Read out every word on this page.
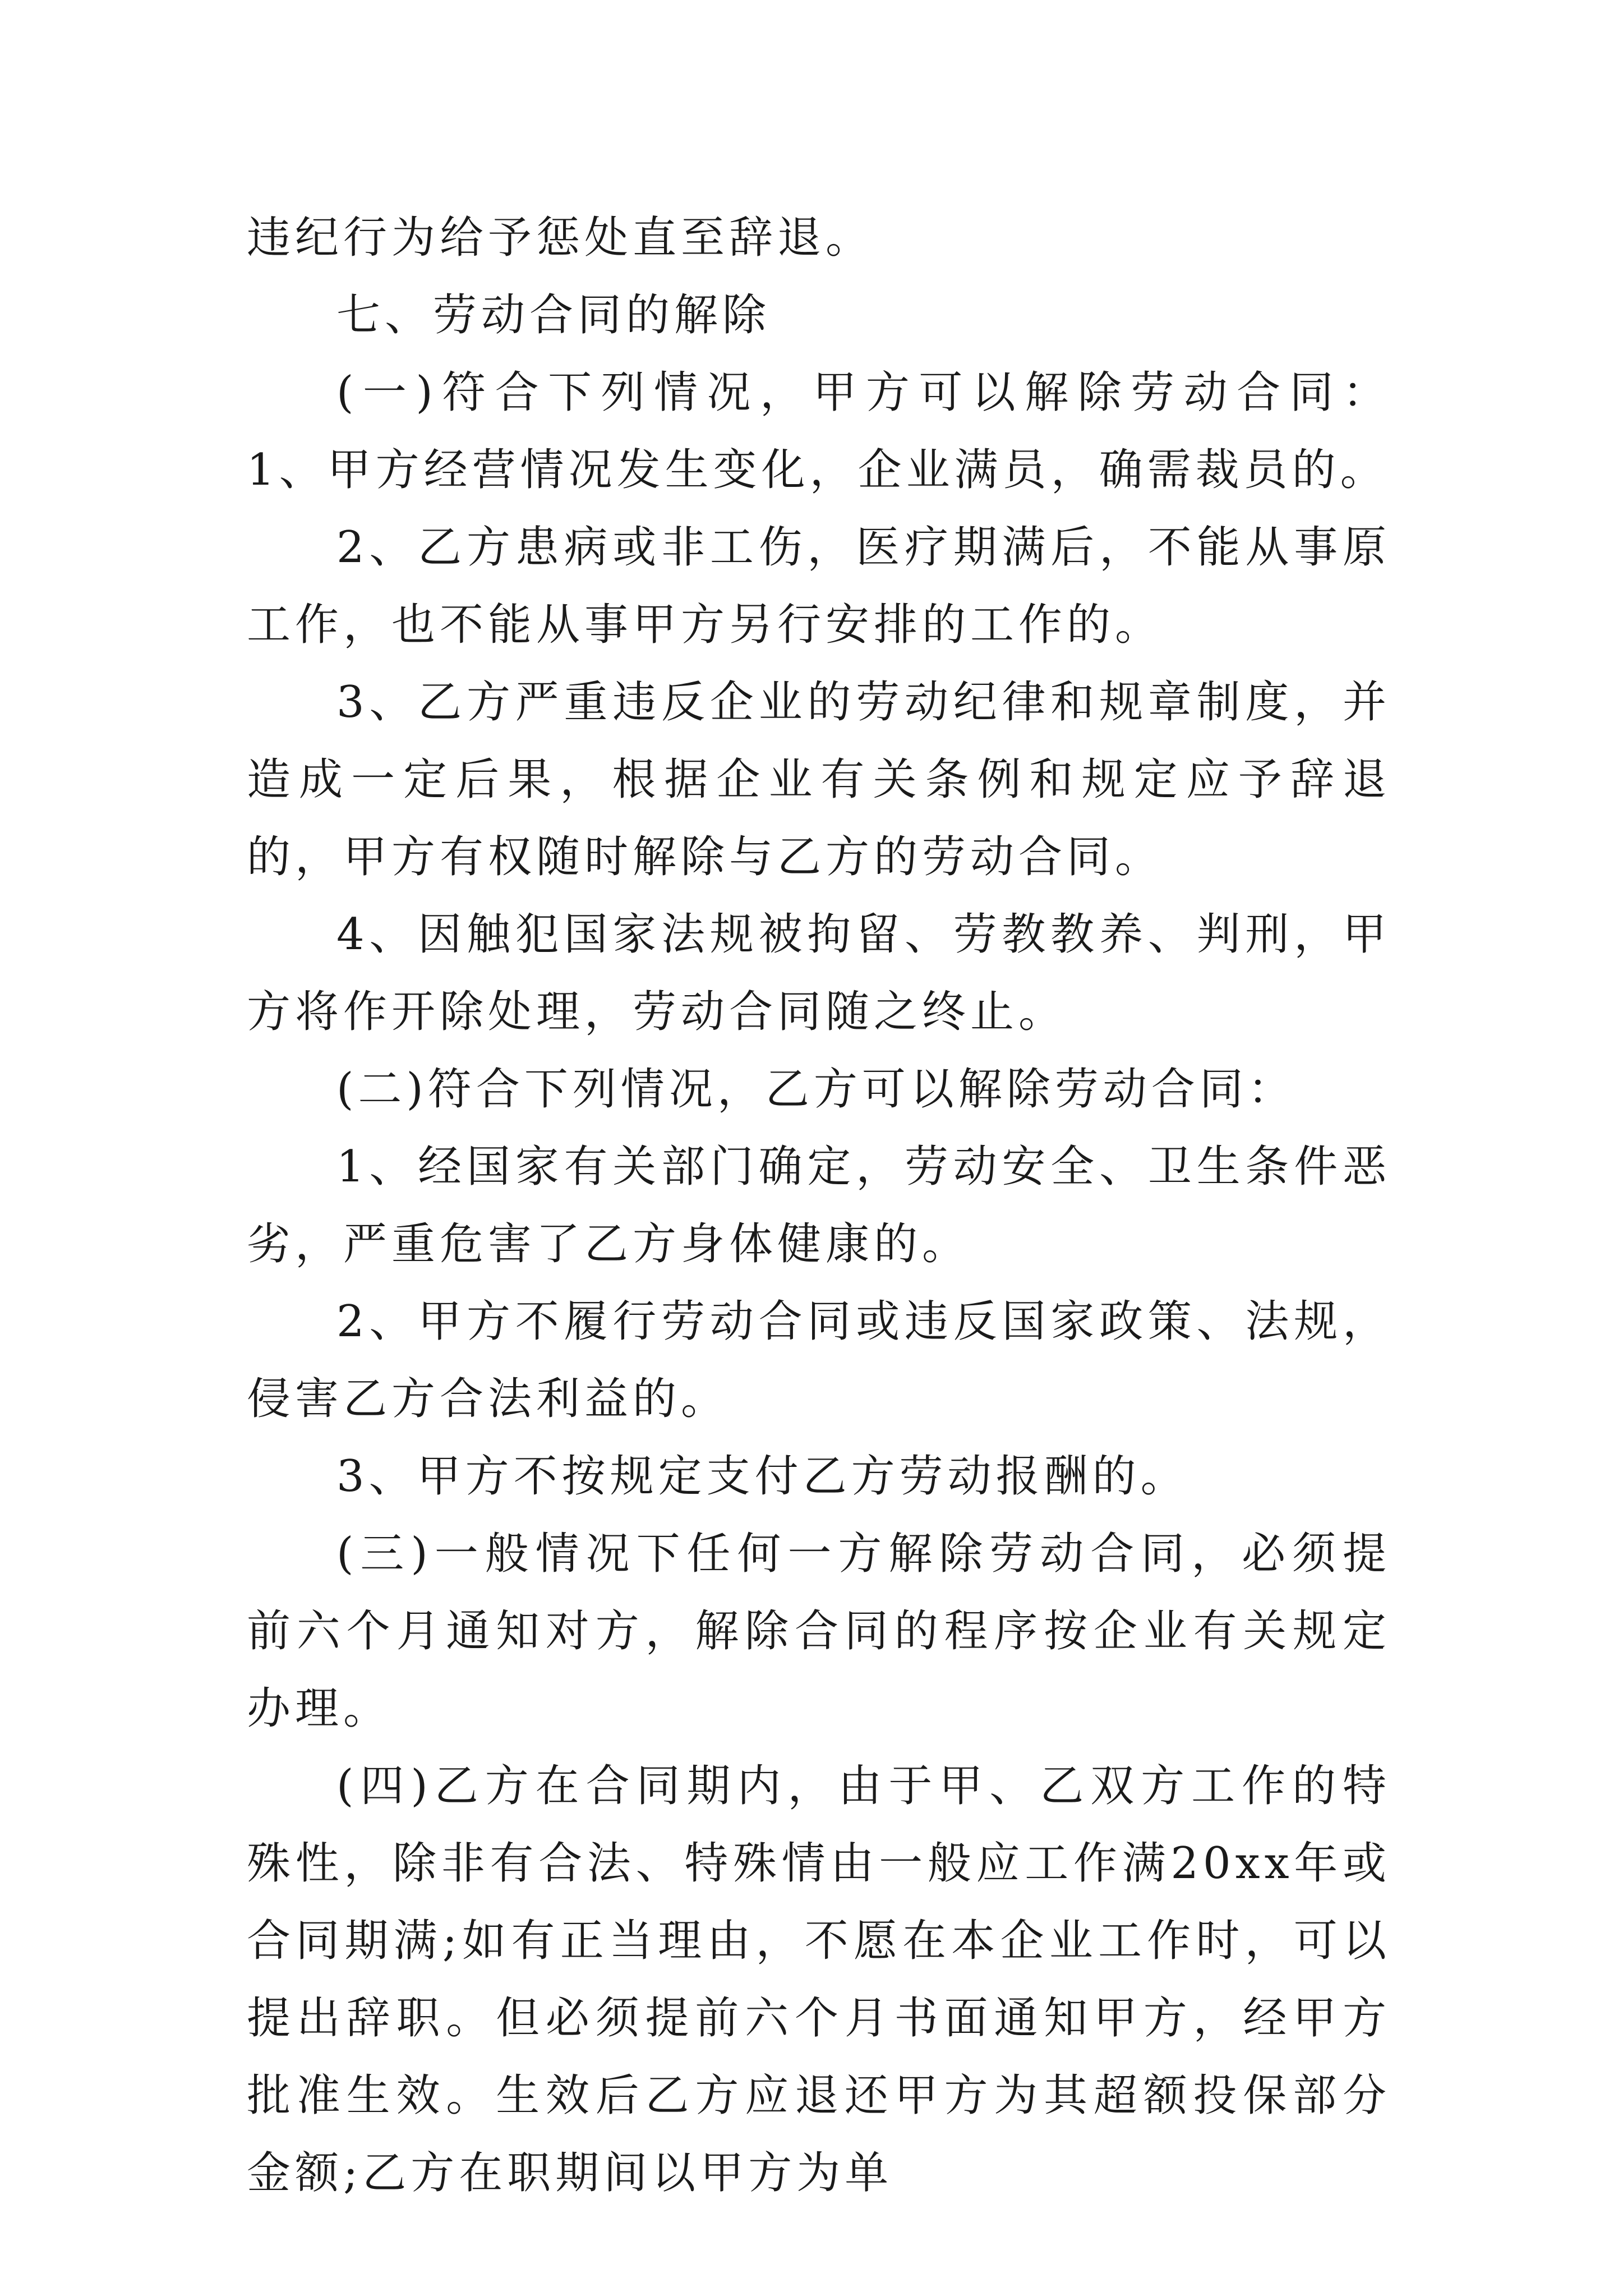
违纪行为给予惩处直至辞退。

七、劳动合同的解除

(一)符合下列情况，甲方可以解除劳动合同： 1、甲方经营情况发生变化，企业满员，确需裁员的。

2、乙方患病或非工伤，医疗期满后，不能从事原工作，也不能从事甲方另行安排的工作的。

3、乙方严重违反企业的劳动纪律和规章制度，并造成一定后果，根据企业有关条例和规定应予辞退的，甲方有权随时解除与乙方的劳动合同。

4、因触犯国家法规被拘留、劳教教养、判刑，甲方将作开除处理，劳动合同随之终止。

(二)符合下列情况，乙方可以解除劳动合同：

1、经国家有关部门确定，劳动安全、卫生条件恶劣，严重危害了乙方身体健康的。

2、甲方不履行劳动合同或违反国家政策、法规，侵害乙方合法利益的。

3、甲方不按规定支付乙方劳动报酬的。

(三)一般情况下任何一方解除劳动合同，必须提前六个月通知对方，解除合同的程序按企业有关规定办理。

(四)乙方在合同期内，由于甲、乙双方工作的特殊性，除非有合法、特殊情由一般应工作满20xx年或合同期满;如有正当理由，不愿在本企业工作时，可以提出辞职。但必须提前六个月书面通知甲方，经甲方批准生效。生效后乙方应退还甲方为其超额投保部分金额;乙方在职期间以甲方为单
